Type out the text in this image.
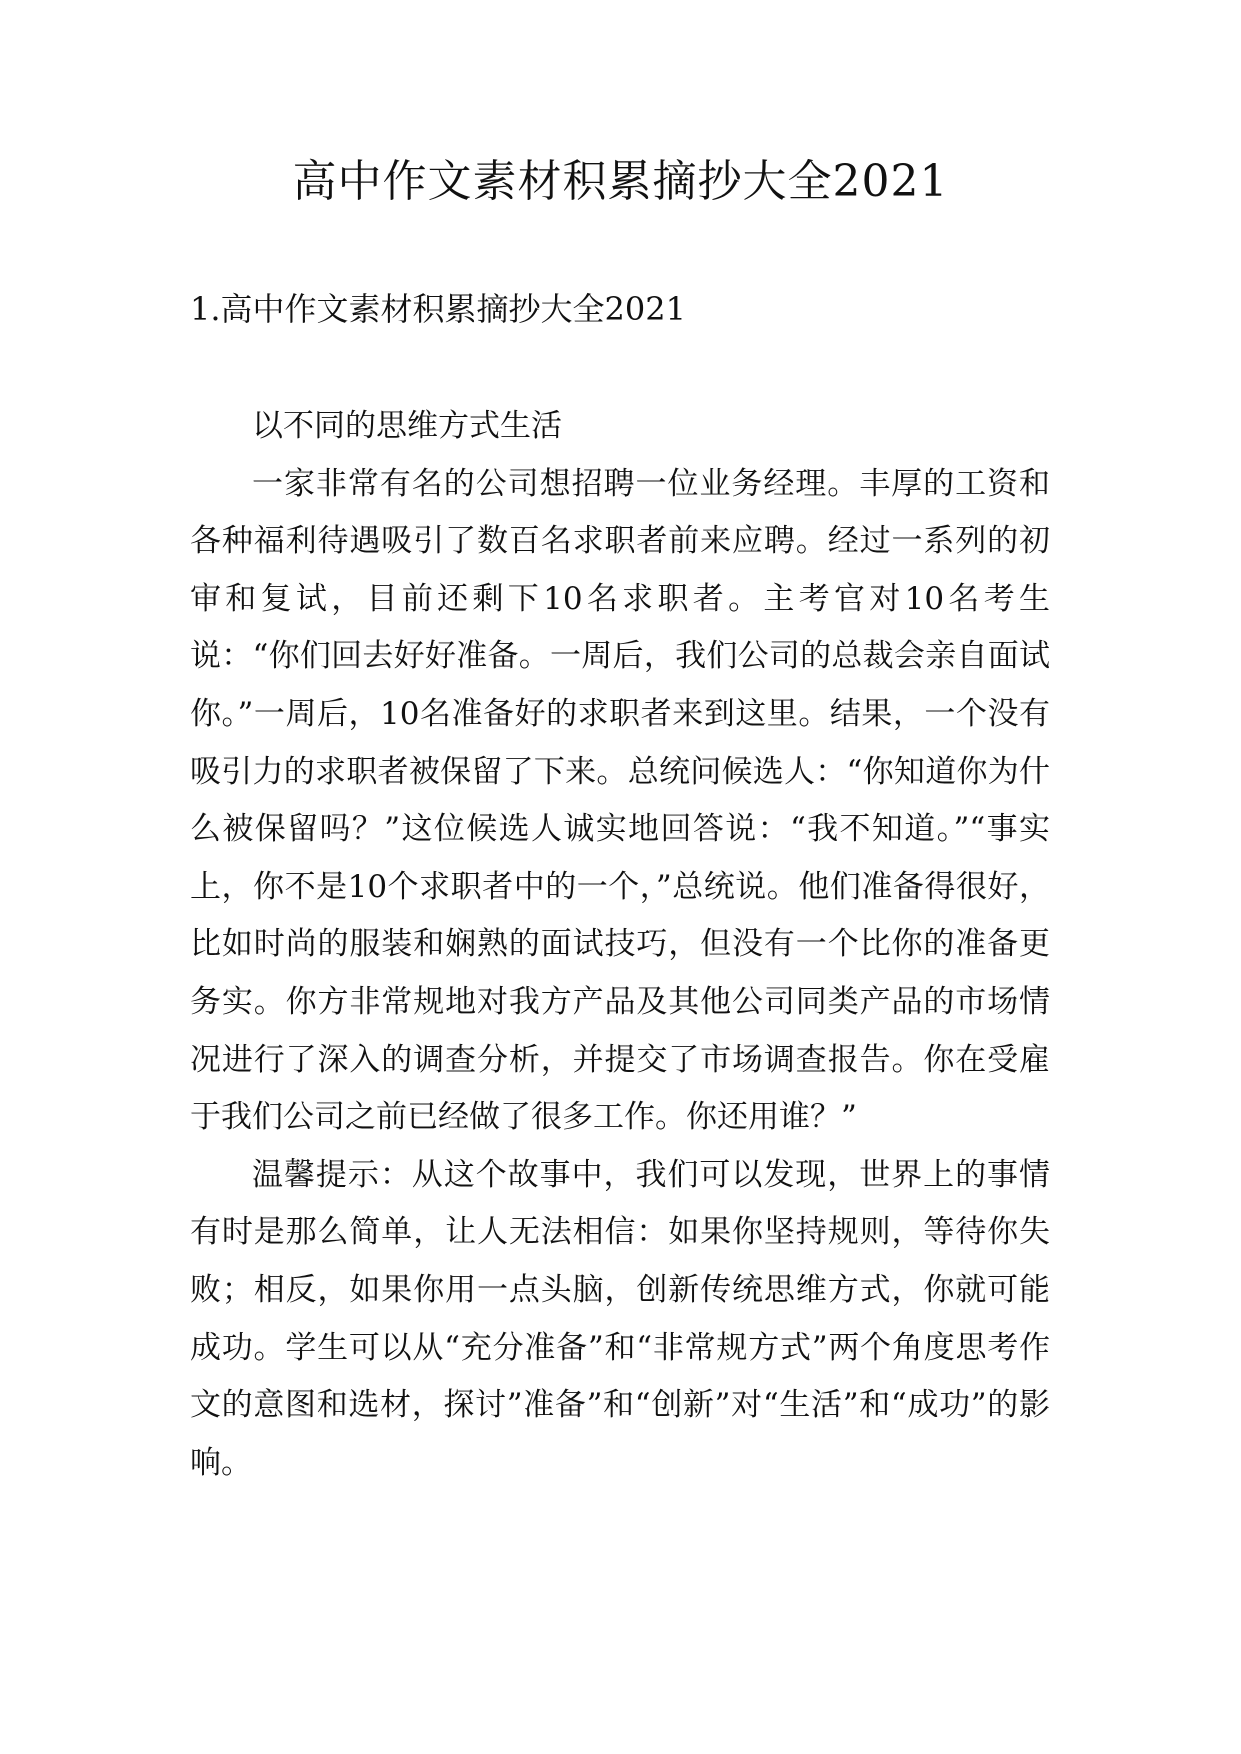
高中作文素材积累摘抄大全2021
1.高中作文素材积累摘抄大全2021

以不同的思维方式生活

一家非常有名的公司想招聘一位业务经理。丰厚的工资和各种福利待遇吸引了数百名求职者前来应聘。经过一系列的初审和复试，目前还剩下10名求职者。主考官对10名考生说：“你们回去好好准备。一周后，我们公司的总裁会亲自面试你。”一周后，10名准备好的求职者来到这里。结果，一个没有吸引力的求职者被保留了下来。总统问候选人：“你知道你为什么被保留吗？”这位候选人诚实地回答说：“我不知道。”“事实上，你不是10个求职者中的一个，”总统说。他们准备得很好，比如时尚的服装和娴熟的面试技巧，但没有一个比你的准备更务实。你方非常规地对我方产品及其他公司同类产品的市场情况进行了深入的调查分析，并提交了市场调查报告。你在受雇于我们公司之前已经做了很多工作。你还用谁？”

温馨提示：从这个故事中，我们可以发现，世界上的事情有时是那么简单，让人无法相信：如果你坚持规则，等待你失败；相反，如果你用一点头脑，创新传统思维方式，你就可能成功。学生可以从“充分准备”和“非常规方式”两个角度思考作文的意图和选材，探讨”准备”和“创新”对“生活”和“成功”的影响。
